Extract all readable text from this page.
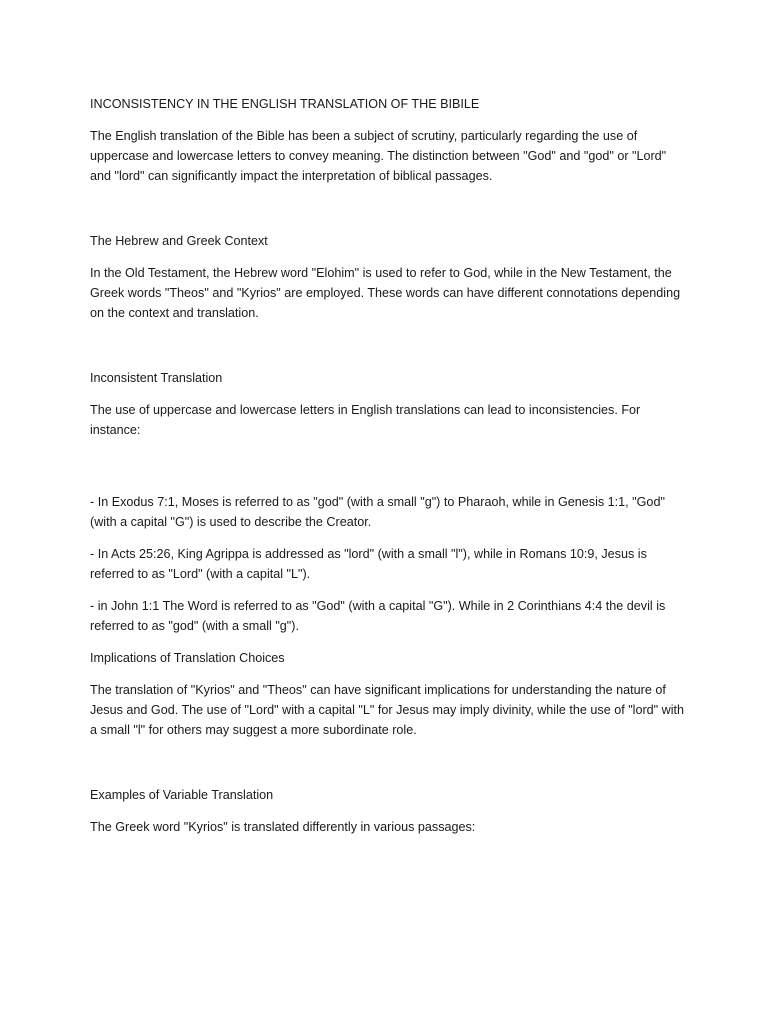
INCONSISTENCY IN THE ENGLISH TRANSLATION OF THE BIBILE

The English translation of the Bible has been a subject of scrutiny, particularly regarding the use of uppercase and lowercase letters to convey meaning. The distinction between "God" and "god" or "Lord" and "lord" can significantly impact the interpretation of biblical passages.

The Hebrew and Greek Context

In the Old Testament, the Hebrew word "Elohim" is used to refer to God, while in the New Testament, the Greek words "Theos" and "Kyrios" are employed. These words can have different connotations depending on the context and translation.

Inconsistent Translation

The use of uppercase and lowercase letters in English translations can lead to inconsistencies. For instance:

- In Exodus 7:1, Moses is referred to as "god" (with a small "g") to Pharaoh, while in Genesis 1:1, "God" (with a capital "G") is used to describe the Creator.

- In Acts 25:26, King Agrippa is addressed as "lord" (with a small "l"), while in Romans 10:9, Jesus is referred to as "Lord" (with a capital "L").

- in John 1:1 The Word is referred to as "God" (with a capital "G"). While in 2 Corinthians 4:4 the devil is referred to as "god" (with a small "g").

Implications of Translation Choices

The translation of "Kyrios" and "Theos" can have significant implications for understanding the nature of Jesus and God. The use of "Lord" with a capital "L" for Jesus may imply divinity, while the use of "lord" with a small "l" for others may suggest a more subordinate role.

Examples of Variable Translation

The Greek word "Kyrios" is translated differently in various passages:
